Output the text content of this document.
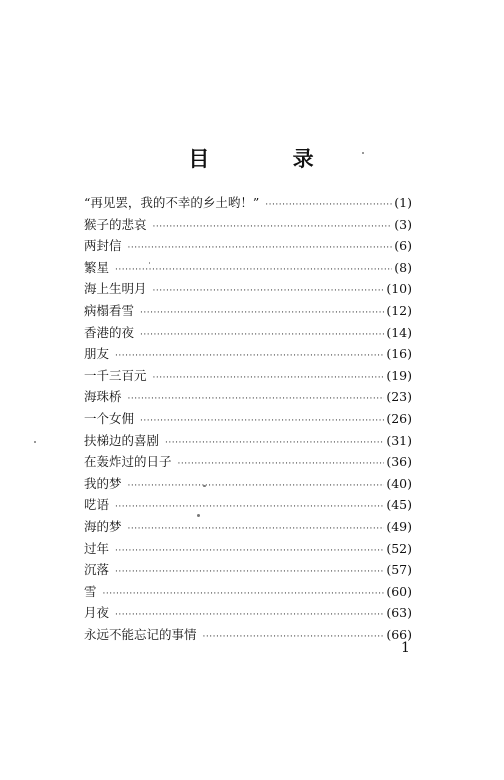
目 录
“再见罢，我的不幸的乡土哟！” ·····	(1)
猴子的悲哀 ·····	(3)
两封信 ·····	(6)
繁星 ·····	(8)
海上生明月 ·····	(10)
病榻看雪 ·····	(12)
香港的夜 ·····	(14)
朋友 ·····	(16)
一千三百元 ·····	(19)
海珠桥 ·····	(23)
一个女佣 ·····	(26)
扶梯边的喜剧 ·····	(31)
在轰炸过的日子 ·····	(36)
我的梦 ·····	(40)
呓语 ·····	(45)
海的梦 ·····	(49)
过年 ·····	(52)
沉落 ·····	(57)
雪 ·····	(60)
月夜 ·····	(63)
永远不能忘记的事情 ·····	(66)
1
